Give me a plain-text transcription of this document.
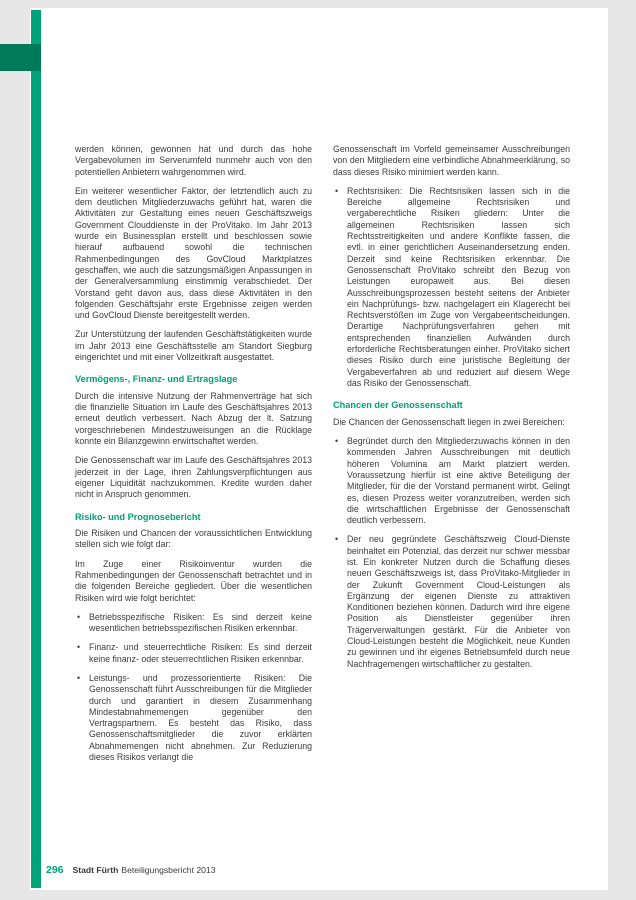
werden können, gewonnen hat und durch das hohe Vergabevolumen im Serverumfeld nunmehr auch von den potentiellen Anbietern wahrgenommen wird.

Ein weiterer wesentlicher Faktor, der letztendlich auch zu dem deutlichen Mitgliederzuwachs geführt hat, waren die Aktivitäten zur Gestaltung eines neuen Geschäftszweigs Government Clouddienste in der ProVitako. Im Jahr 2013 wurde ein Businessplan erstellt und beschlossen sowie hierauf aufbauend sowohl die technischen Rahmenbedingungen des GovCloud Marktplatzes geschaffen, wie auch die satzungsmäßigen Anpassungen in der Generalversammlung einstimmig verabschiedet. Der Vorstand geht davon aus, dass diese Aktivitäten in den folgenden Geschäftsjahr erste Ergebnisse zeigen werden und GovCloud Dienste bereitgestellt werden.

Zur Unterstützung der laufenden Geschäftstätigkeiten wurde im Jahr 2013 eine Geschäftsstelle am Standort Siegburg eingerichtet und mit einer Vollzeitkraft ausgestattet.

Vermögens-, Finanz- und Ertragslage

Durch die intensive Nutzung der Rahmenverträge hat sich die finanzielle Situation im Laufe des Geschäftsjahres 2013 erneut deutlich verbessert. Nach Abzug der lt. Satzung vorgeschriebenen Mindestzuweisungen an die Rücklage konnte ein Bilanzgewinn erwirtschaftet werden.

Die Genossenschaft war im Laufe des Geschäftsjahres 2013 jederzeit in der Lage, ihren Zahlungsverpflichtungen aus eigener Liquidität nachzukommen. Kredite wurden daher nicht in Anspruch genommen.

Risiko- und Prognosebericht

Die Risiken und Chancen der voraussichtlichen Entwicklung stellen sich wie folgt dar:

Im Zuge einer Risikoinventur wurden die Rahmenbedingungen der Genossenschaft betrachtet und in die folgenden Bereiche gegliedert. Über die wesentlichen Risiken wird wie folgt berichtet:

• Betriebsspezifische Risiken: Es sind derzeit keine wesentlichen betriebsspezifischen Risiken erkennbar.
• Finanz- und steuerrechtliche Risiken: Es sind derzeit keine finanz- oder steuerrechtlichen Risiken erkennbar.
• Leistungs- und prozessorientierte Risiken: Die Genossenschaft führt Ausschreibungen für die Mitglieder durch und garantiert in diesem Zusammenhang Mindestabnahmemengen gegenüber den Vertragspartnern. Es besteht das Risiko, dass Genossenschaftsmitglieder die zuvor erklärten Abnahmemengen nicht abnehmen. Zur Reduzierung dieses Risikos verlangt die

Genossenschaft im Vorfeld gemeinsamer Ausschreibungen von den Mitgliedern eine verbindliche Abnahmeerklärung, so dass dieses Risiko minimiert werden kann.

• Rechtsrisiken: Die Rechtsrisiken lassen sich in die Bereiche allgemeine Rechtsrisiken und vergaberechtliche Risiken gliedern: Unter die allgemeinen Rechtsrisiken lassen sich Rechtsstreitigkeiten und andere Konflikte fassen, die evtl. in einer gerichtlichen Auseinandersetzung enden. Derzeit sind keine Rechtsrisiken erkennbar. Die Genossenschaft ProVitako schreibt den Bezug von Leistungen europaweit aus. Bei diesen Ausschreibungsprozessen besteht seitens der Anbieter ein Nachprüfungs- bzw. nachgelagert ein Klagerecht bei Rechtsverstößen im Zuge von Vergabeentscheidungen. Derartige Nachprüfungsverfahren gehen mit entsprechenden finanziellen Aufwänden durch erforderliche Rechtsberatungen einher. ProVitako sichert dieses Risiko durch eine juristische Begleitung der Vergabeverfahren ab und reduziert auf diesem Wege das Risiko der Genossenschaft.
Chancen der Genossenschaft

Die Chancen der Genossenschaft liegen in zwei Bereichen:

• Begründet durch den Mitgliederzuwachs können in den kommenden Jahren Ausschreibungen mit deutlich höheren Volumina am Markt platziert werden. Voraussetzung hierfür ist eine aktive Beteiligung der Mitglieder, für die der Vorstand permanent wirbt. Gelingt es, diesen Prozess weiter voranzutreiben, werden sich die wirtschaftlichen Ergebnisse der Genossenschaft deutlich verbessern.
• Der neu gegründete Geschäftszweig Cloud-Dienste beinhaltet ein Potenzial, das derzeit nur schwer messbar ist. Ein konkreter Nutzen durch die Schaffung dieses neuen Geschäftszweigs ist, dass ProVitako-Mitglieder in der Zukunft Government Cloud-Leistungen als Ergänzung der eigenen Dienste zu attraktiven Konditionen beziehen können. Dadurch wird ihre eigene Position als Dienstleister gegenüber ihren Trägerverwaltungen gestärkt. Für die Anbieter von Cloud-Leistungen besteht die Möglichkeit, neue Kunden zu gewinnen und ihr eigenes Betriebsumfeld durch neue Nachfragemengen wirtschaftlicher zu gestalten.
296 Stadt Fürth Beteiligungsbericht 2013
